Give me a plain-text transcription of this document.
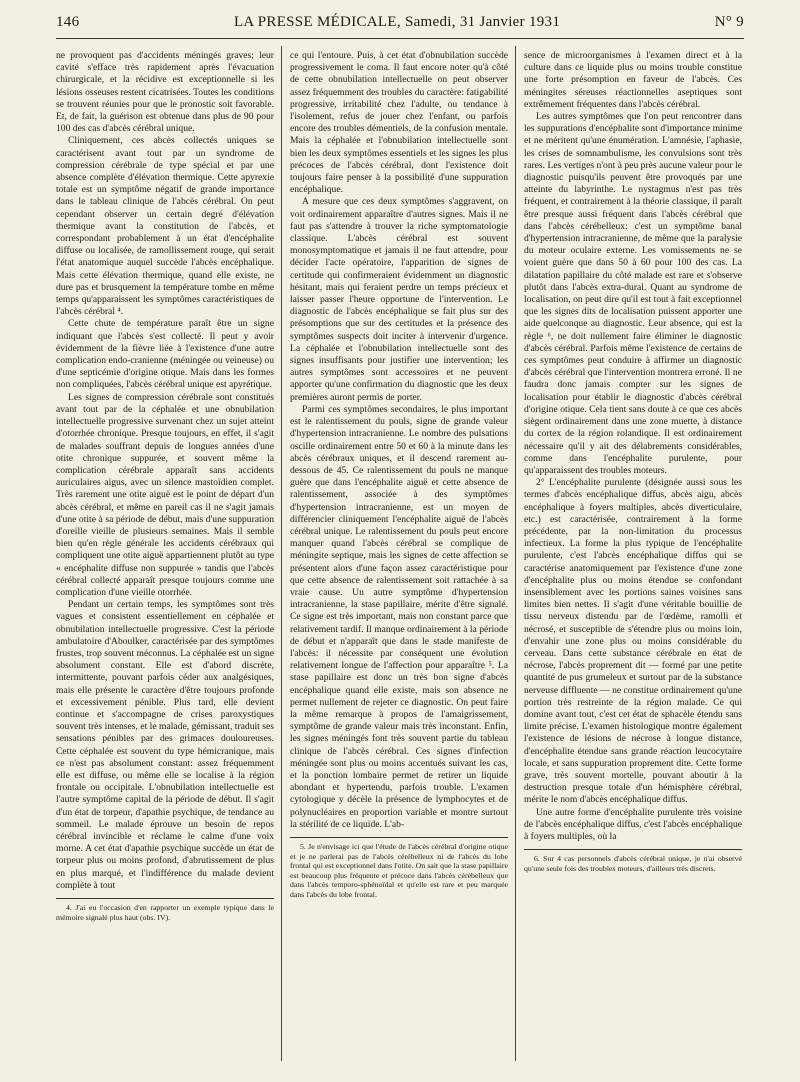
146	LA PRESSE MÉDICALE, Samedi, 31 Janvier 1931	N° 9

ne provoquent pas d'accidents méningés graves; leur cavité s'efface très rapidement après l'évacuation chirurgicale, et la récidive est exceptionnelle si les lésions osseuses restent cicatrisées. Toutes les conditions se trouvent réunies pour que le pronostic soit favorable. Et, de fait, la guérison est obtenue dans plus de 90 pour 100 des cas d'abcès cérébral unique.

Cliniquement, ces abcès collectés uniques se caractérisent avant tout par un syndrome de compression cérébrale de type spécial et par une absence complète d'élévation thermique. Cette apyrexie totale est un symptôme négatif de grande importance dans le tableau clinique de l'abcès cérébral. On peut cependant observer un certain degré d'élévation thermique avant la constitution de l'abcès, et correspondant probablement à un état d'encéphalite diffuse ou localisée, de ramollissement rouge, qui serait l'état anatomique auquel succède l'abcès encéphalique. Mais cette élévation thermique, quand elle existe, ne dure pas et brusquement la température tombe en même temps qu'apparaissent les symptômes caractéristiques de l'abcès cérébral ⁴.

Cette chute de température paraît être un signe indiquant que l'abcès s'est collecté. Il peut y avoir évidemment de la fièvre liée à l'existence d'une autre complication endo-cranienne (méningée ou veineuse) ou d'une septicémie d'origine otique. Mais dans les formes non compliquées, l'abcès cérébral unique est apyrétique.

Les signes de compression cérébrale sont constitués avant tout par de la céphalée et une obnubilation intellectuelle progressive survenant chez un sujet atteint d'otorrhée chronique. Presque toujours, en effet, il s'agit de malades souffrant depuis de longues années d'une otite chronique suppurée, et souvent même la complication cérébrale apparaît sans accidents auriculaires aigus, avec un silence mastoïdien complet. Très rarement une otite aiguë est le point de départ d'un abcès cérébral, et même en pareil cas il ne s'agit jamais d'une otite à sa période de début, mais d'une suppuration d'oreille vieille de plusieurs semaines. Mais il semble bien qu'en règle générale les accidents cérébraux qui compliquent une otite aiguë appartiennent plutôt au type « encéphalite diffuse non suppurée » tandis que l'abcès cérébral collecté apparaît presque toujours comme une complication d'une vieille otorrhée.

Pendant un certain temps, les symptômes sont très vagues et consistent essentiellement en céphalée et obnubilation intellectuelle progressive. C'est la période ambulatoire d'Aboulker, caractérisée par des symptômes frustes, trop souvent méconnus. La céphalée est un signe absolument constant. Elle est d'abord discrète, intermittente, pouvant parfois céder aux analgésiques, mais elle présente le caractère d'être toujours profonde et excessivement pénible. Plus tard, elle devient continue et s'accompagne de crises paroxystiques souvent très intenses, et le malade, gémissant, traduit ses sensations pénibles par des grimaces douloureuses. Cette céphalée est souvent du type hémicranique, mais ce n'est pas absolument constant: assez fréquemment elle est diffuse, ou même elle se localise à la région frontale ou occipitale. L'obnubilation intellectuelle est l'autre symptôme capital de la période de début. Il s'agit d'un état de torpeur, d'apathie psychique, de tendance au sommeil. Le malade éprouve un besoin de repos cérébral invincible et réclame le calme d'une voix morne. A cet état d'apathie psychique succède un état de torpeur plus ou moins profond, d'abrutissement de plus en plus marqué, et l'indifférence du malade devient complète à tout

4. J'ai eu l'occasion d'en rapporter un exemple typique dans le mémoire signalé plus haut (obs. IV).

ce qui l'entoure. Puis, à cet état d'obnubilation succède progressivement le coma. Il faut encore noter qu'à côté de cette obnubilation intellectuelle on peut observer assez fréquemment des troubles du caractère: fatigabilité progressive, irritabilité chez l'adulte, ou tendance à l'isolement, refus de jouer chez l'enfant, ou parfois encore des troubles démentiels, de la confusion mentale. Mais la céphalée et l'obnubilation intellectuelle sont bien les deux symptômes essentiels et les signes les plus précoces de l'abcès cérébral, dont l'existence doit toujours faire penser à la possibilité d'une suppuration encéphalique.

A mesure que ces deux symptômes s'aggravent, on voit ordinairement apparaître d'autres signes. Mais il ne faut pas s'attendre à trouver la riche symptomatologie classique. L'abcès cérébral est souvent monosymptomatique et jamais il ne faut attendre, pour décider l'acte opératoire, l'apparition de signes de certitude qui confirmeraient évidemment un diagnostic hésitant, mais qui feraient perdre un temps précieux et laisser passer l'heure opportune de l'intervention. Le diagnostic de l'abcès encéphalique se fait plus sur des présomptions que sur des certitudes et la présence des symptômes suspects doit inciter à intervenir d'urgence. La céphalée et l'obnubilation intellectuelle sont des signes insuffisants pour justifier une intervention; les autres symptômes sont accessoires et ne peuvent apporter qu'une confirmation du diagnostic que les deux premières auront permis de porter.

Parmi ces symptômes secondaires, le plus important est le ralentissement du pouls, signe de grande valeur d'hypertension intracranienne. Le nombre des pulsations oscille ordinairement entre 50 et 60 à la minute dans les abcès cérébraux uniques, et il descend rarement au-dessous de 45. Ce ralentissement du pouls ne manque guère que dans l'encéphalite aiguë et cette absence de ralentissement, associée à des symptômes d'hypertension intracranienne, est un moyen de différencier cliniquement l'encéphalite aiguë de l'abcès cérébral unique. Le ralentissement du pouls peut encore manquer quand l'abcès cérébral se complique de méningite septique, mais les signes de cette affection se présentent alors d'une façon assez caractéristique pour que cette absence de ralentissement soit rattachée à sa vraie cause. Un autre symptôme d'hypertension intracranienne, la stase papillaire, mérite d'être signalé. Ce signe est très important, mais non constant parce que relativement tardif. Il manque ordinairement à la période de début et n'apparaît que dans le stade manifeste de l'abcès: il nécessite par conséquent une évolution relativement longue de l'affection pour apparaître ⁵. La stase papillaire est donc un très bon signe d'abcès encéphalique quand elle existe, mais son absence ne permet nullement de rejeter ce diagnostic. On peut faire la même remarque à propos de l'amaigrissement, symptôme de grande valeur mais très inconstant. Enfin, les signes méningés font très souvent partie du tableau clinique de l'abcès cérébral. Ces signes d'infection méningée sont plus ou moins accentués suivant les cas, et la ponction lombaire permet de retirer un liquide abondant et hypertendu, parfois trouble. L'examen cytologique y décèle la présence de lymphocytes et de polynucléaires en proportion variable et montre surtout la stérilité de ce liquide. L'ab-

5. Je n'envisage ici que l'étude de l'abcès cérébral d'origine otique et je ne parlerai pas de l'abcès cérébelleux ni de l'abcès du lobe frontal qui est exceptionnel dans l'otite. On sait que la stase papillaire est beaucoup plus fréquente et précoce dans l'abcès cérébelleux que dans l'abcès temporo-sphénoïdal et qu'elle est rare et peu marquée dans l'abcès du lobe frontal.

sence de microorganismes à l'examen direct et à la culture dans ce liquide plus ou moins trouble constitue une forte présomption en faveur de l'abcès. Ces méningites séreuses réactionnelles aseptiques sont extrêmement fréquentes dans l'abcès cérébral.

Les autres symptômes que l'on peut rencontrer dans les suppurations d'encéphalite sont d'importance minime et ne méritent qu'une énumération. L'amnésie, l'aphasie, les crises de somnambulisme, les convulsions sont très rares. Les vertiges n'ont à peu près aucune valeur pour le diagnostic puisqu'ils peuvent être provoqués par une atteinte du labyrinthe. Le nystagmus n'est pas très fréquent, et contrairement à la théorie classique, il paraît être presque aussi fréquent dans l'abcès cérébral que dans l'abcès cérébelleux: c'est un symptôme banal d'hypertension intracranienne, de même que la paralysie du moteur oculaire externe. Les vomissements ne se voient guère que dans 50 à 60 pour 100 des cas. La dilatation papillaire du côté malade est rare et s'observe plutôt dans l'abcès extra-dural. Quant au syndrome de localisation, on peut dire qu'il est tout à fait exceptionnel que les signes dits de localisation puissent apporter une aide quelconque au diagnostic. Leur absence, qui est la règle ⁶, ne doit nullement faire éliminer le diagnostic d'abcès cérébral. Parfois même l'existence de certains de ces symptômes peut conduire à affirmer un diagnostic d'abcès cérébral que l'intervention montrera erroné. Il ne faudra donc jamais compter sur les signes de localisation pour établir le diagnostic d'abcès cérébral d'origine otique. Cela tient sans doute à ce que ces abcès siègent ordinairement dans une zone muette, à distance du cortex de la région rolandique. Il est ordinairement nécessaire qu'il y ait des délabrements considérables, comme dans l'encéphalite purulente, pour qu'apparaissent des troubles moteurs.

2° L'encéphalite purulente (désignée aussi sous les termes d'abcès encéphalique diffus, abcès aigu, abcès encéphalique à foyers multiples, abcès diverticulaire, etc.) est caractérisée, contrairement à la forme précédente, par la non-limitation du processus infectieux. La forme la plus typique de l'encéphalite purulente, c'est l'abcès encéphalique diffus qui se caractérise anatomiquement par l'existence d'une zone d'encéphalite plus ou moins étendue se confondant insensiblement avec les portions saines voisines sans limites bien nettes. Il s'agit d'une véritable bouillie de tissu nerveux distendu par de l'œdème, ramolli et nécrosé, et susceptible de s'étendre plus ou moins loin, d'envahir une zone plus ou moins considérable du cerveau. Dans cette substance cérébrale en état de nécrose, l'abcès proprement dit — formé par une petite quantité de pus grumeleux et surtout par de la substance nerveuse diffluente — ne constitue ordinairement qu'une portion très restreinte de la région malade. Ce qui domine avant tout, c'est cet état de sphacèle étendu sans limite précise. L'examen histologique montre également l'existence de lésions de nécrose à longue distance, d'encéphalite étendue sans grande réaction leucocytaire locale, et sans suppuration proprement dite. Cette forme grave, très souvent mortelle, pouvant aboutir à la destruction presque totale d'un hémisphère cérébral, mérite le nom d'abcès encéphalique diffus.

Une autre forme d'encéphalite purulente très voisine de l'abcès encéphalique diffus, c'est l'abcès encéphalique à foyers multiples, où la

6. Sur 4 cas personnels d'abcès cérébral unique, je n'ai observé qu'une seule fois des troubles moteurs, d'ailleurs très discrets.
